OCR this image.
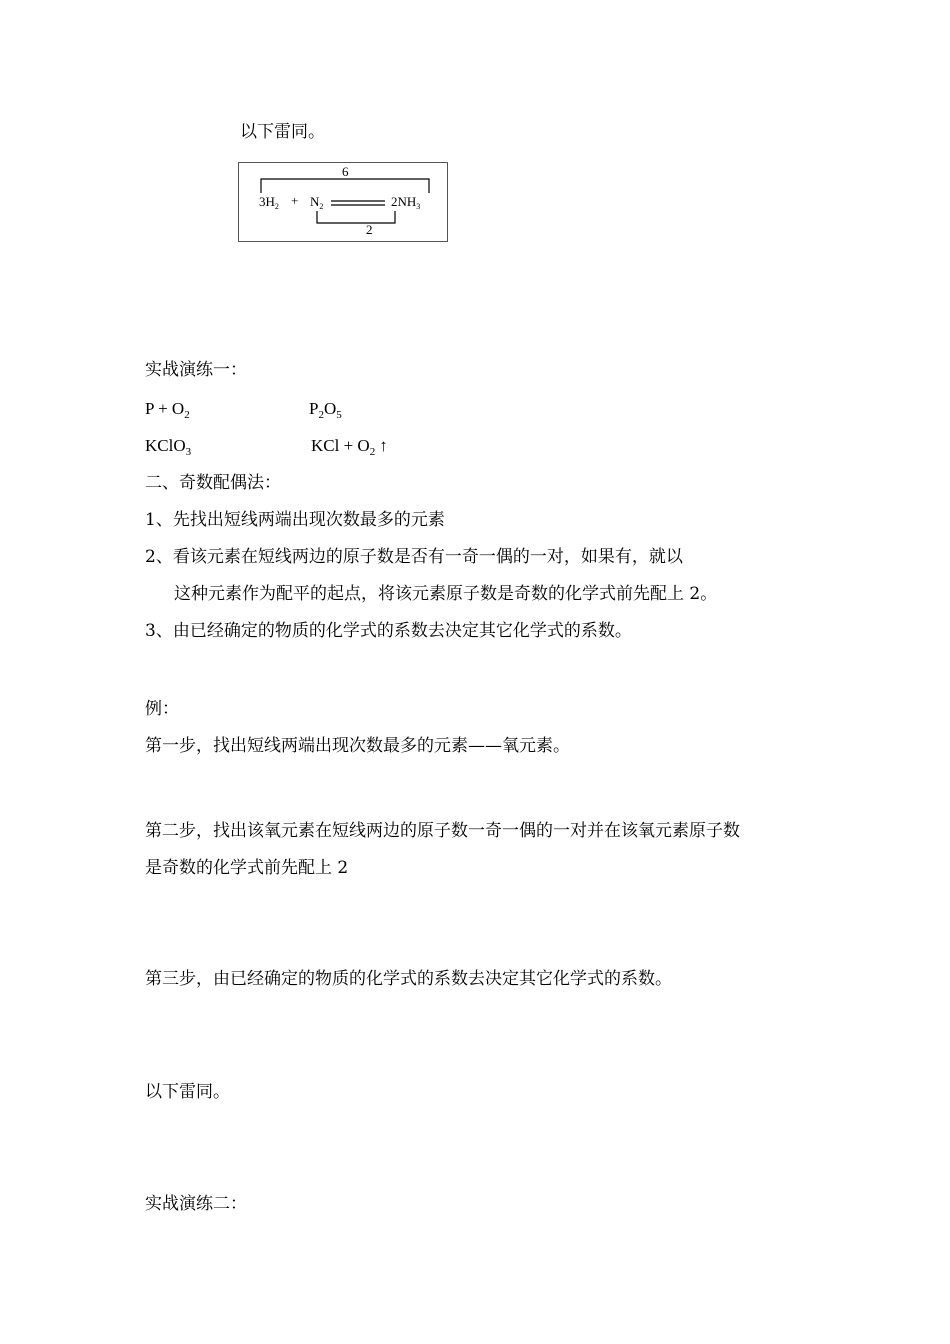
以下雷同。
6
$3H_2 + N_2$	$2NH_3$
2
实战演练一：
$P + O_2$	$P_2O_5$
KClO$_3$	KCl + $O_2$ ↑
二、奇数配偶法：
1、先找出短线两端出现次数最多的元素
2、看该元素在短线两边的原子数是否有一奇一偶的一对，如果有，就以
这种元素作为配平的起点，将该元素原子数是奇数的化学式前先配上 2。
3、由已经确定的物质的化学式的系数去决定其它化学式的系数。
例：
第一步，找出短线两端出现次数最多的元素——氧元素。
第二步，找出该氧元素在短线两边的原子数一奇一偶的一对并在该氧元素原子数
是奇数的化学式前先配上 2
第三步，由已经确定的物质的化学式的系数去决定其它化学式的系数。
以下雷同。
实战演练二：
